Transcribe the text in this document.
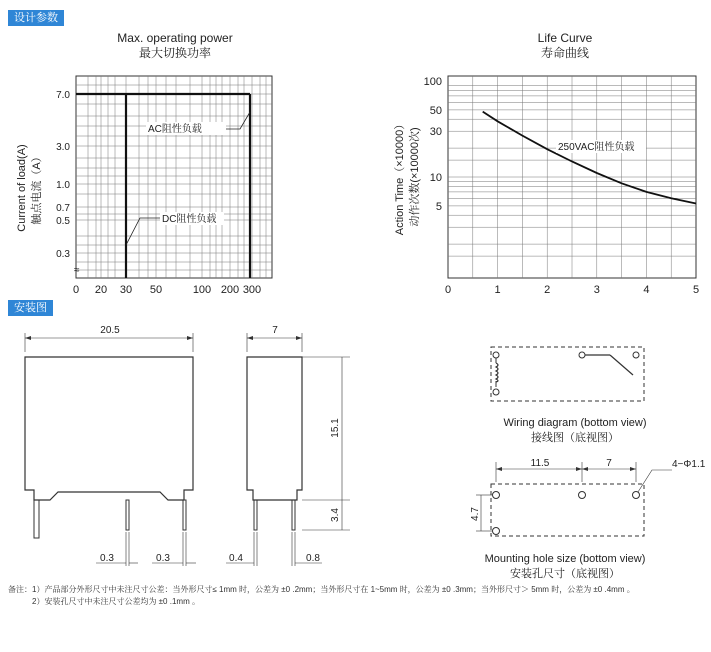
设计参数
安装图
Max. operating power
最大切换功率
AC阻性负载
DC阻性负载
7.0
3.0
1.0
0.7
0.5
0.3
0 20 30 50	100 200 300
≈
Current of load(A) 触点电流（A）
Life Curve
寿命曲线
250VAC阻性负载
100
50
30
10
5
0	1	2	3	4	5
Action Time（×10000） 动作次数(×10000次)
20.5
0.3	0.3
7
15.1
3.4
0.4	0.8
Wiring diagram (bottom view)
接线图（底视图）
11.5	7
4.7
4−Φ1.1
Mounting hole size (bottom view)
安装孔尺寸（底视图）
备注：1）产品部分外形尺寸中未注尺寸公差：当外形尺寸≤ 1mm 时，公差为 ±0 .2mm；当外形尺寸在 1~5mm 时，公差为 ±0 .3mm；当外形尺寸＞ 5mm 时，公差为 ±0 .4mm 。
　　　2）安装孔尺寸中未注尺寸公差均为 ±0 .1mm 。
